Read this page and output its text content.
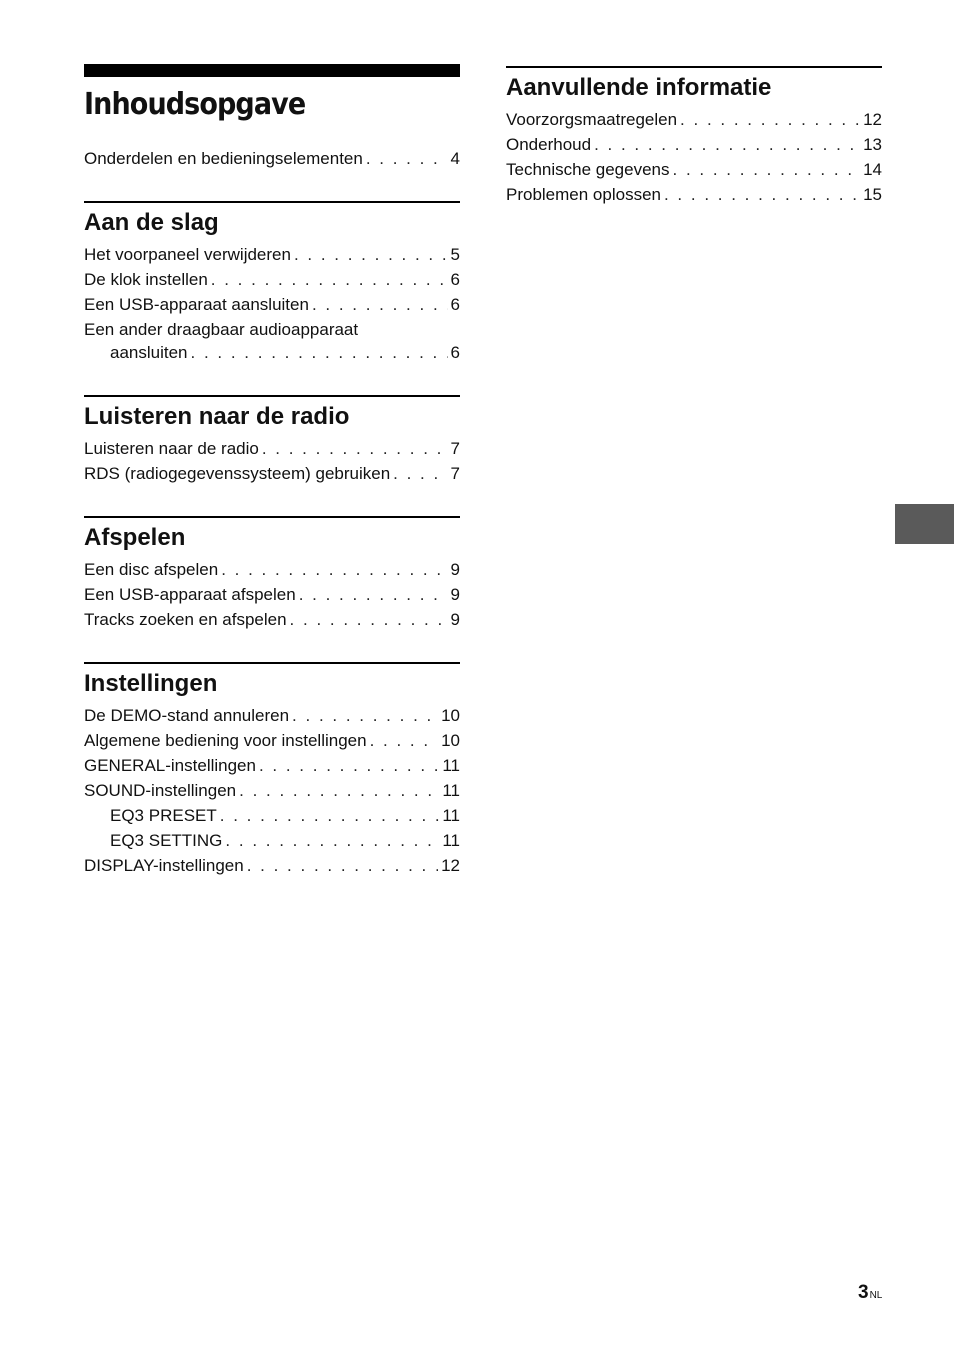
Inhoudsopgave
Onderdelen en bedieningselementen . . .	4
Aan de slag
Het voorpaneel verwijderen . . .	5
De klok instellen . . .	6
Een USB-apparaat aansluiten . . .	6
Een ander draagbaar audioapparaat
aansluiten . . .	6
Luisteren naar de radio
Luisteren naar de radio . . .	7
RDS (radiogegevenssysteem) gebruiken . . .	7
Afspelen
Een disc afspelen . . .	9
Een USB-apparaat afspelen . . .	9
Tracks zoeken en afspelen . . .	9
Instellingen
De DEMO-stand annuleren . . .	10
Algemene bediening voor instellingen . . .	10
GENERAL-instellingen . . .	11
SOUND-instellingen . . .	11
EQ3 PRESET . . .	11
EQ3 SETTING . . .	11
DISPLAY-instellingen . . .	12
Aanvullende informatie
Voorzorgsmaatregelen . . .	12
Onderhoud . . .	13
Technische gegevens . . .	14
Problemen oplossen . . .	15
3NL
